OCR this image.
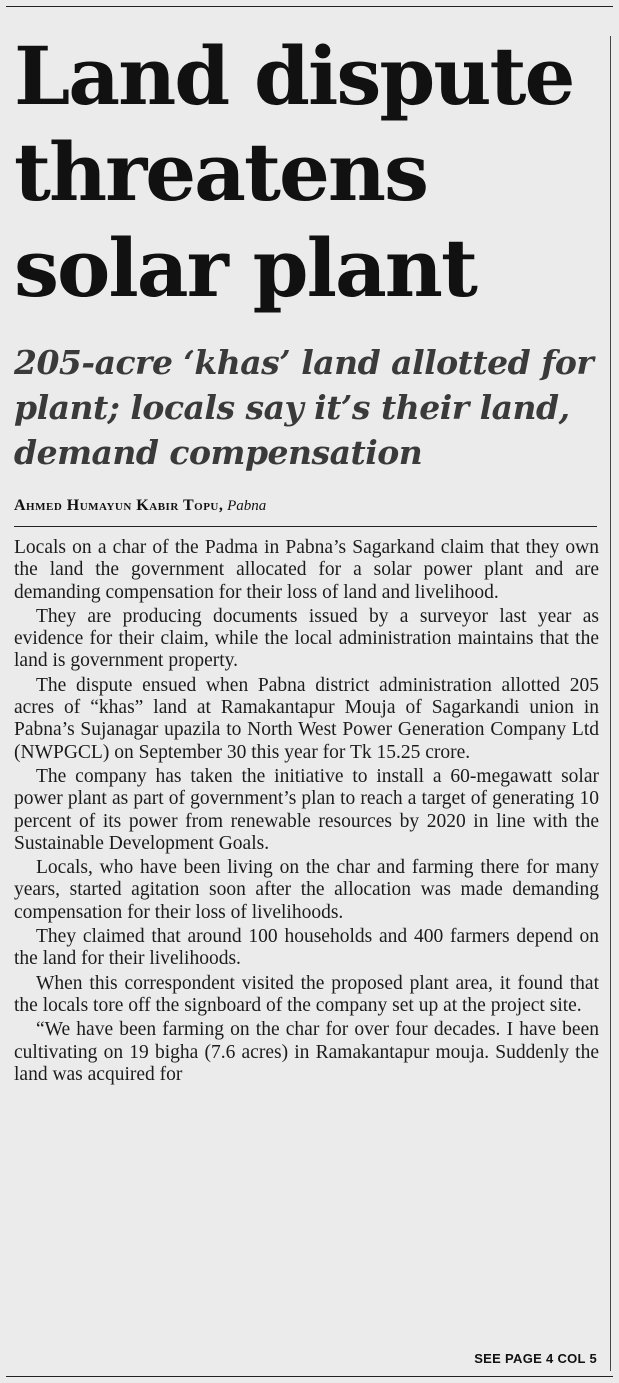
Land dispute threatens solar plant
205-acre ‘khas’ land allotted for plant; locals say it’s their land, demand compensation
Ahmed Humayun Kabir Topu, Pabna

Locals on a char of the Padma in Pabna’s Sagarkand claim that they own the land the government allocated for a solar power plant and are demanding compensation for their loss of land and livelihood.

They are producing documents issued by a surveyor last year as evidence for their claim, while the local administration maintains that the land is government property.

The dispute ensued when Pabna district administration allotted 205 acres of “khas” land at Ramakantapur Mouja of Sagarkandi union in Pabna’s Sujanagar upazila to North West Power Generation Company Ltd (NWPGCL) on September 30 this year for Tk 15.25 crore.

The company has taken the initiative to install a 60-megawatt solar power plant as part of government’s plan to reach a target of generating 10 percent of its power from renewable resources by 2020 in line with the Sustainable Development Goals.

Locals, who have been living on the char and farming there for many years, started agitation soon after the allocation was made demanding compensation for their loss of livelihoods.

They claimed that around 100 households and 400 farmers depend on the land for their livelihoods.

When this correspondent visited the proposed plant area, it found that the locals tore off the signboard of the company set up at the project site.

“We have been farming on the char for over four decades. I have been cultivating on 19 bigha (7.6 acres) in Ramakantapur mouja. Suddenly the land was acquired for

SEE PAGE 4 COL 5
